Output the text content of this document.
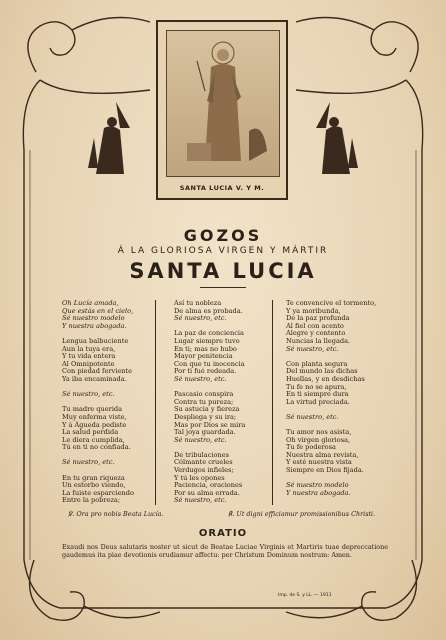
SANTA LUCIA V. Y M.
GOZOS
Á LA GLORIOSA VIRGEN Y MÁRTIR
SANTA LUCIA
Oh Lucía amada,
Que estás en el cielo,
Sé nuestro modelo
Y nuestra abogada.

Lengua balbuciente
Aun la tuya era,
Y tu vida entera
Al Omnipotente
Con piedad ferviente
Ya iba encaminada.

Sé nuestro, etc.

Tu madre querida
Muy enferma viste,
Y á Águeda pediste
La salud perdida
Le diera cumplida,
Tú en ti no confiada.

Sé nuestro, etc.

En tu gran riqueza
Un estorbo viendo,
La fuiste esparciendo
Entre la pobreza;
Así tu nobleza
De alma es probada.
Sé nuestro, etc.

La paz de conciencia
Lugar siempre tuvo
En ti; mas no hubo
Mayor penitencia
Con que tu inocencia
Por ti fué redeada.
Sé nuestro, etc.

Pascasio conspira
Contra tu pureza;
Su astucia y fiereza
Despliega y su ira;
Mas por Dios se mira
Tal joya guardada.
Sé nuestro, etc.

De tribulaciones
Cólmante crueles
Verdugos infieles;
Y tú les opones
Paciencia, oraciones
Por su alma errada.
Sé nuestro, etc.
Te convencive el tormento,
Y ya moribunda,
De la paz profunda
Al fiel con acento
Alegre y contento
Nuncias la llegada.
Sé nuestro, etc.

Con planta segura
Del mundo las dichas
Huellas, y en desdichas
Tu fe no se apura,
En ti siempre dura
La virtud preciada.

Sé nuestro, etc.

Tu amor nos asista,
Oh virgen gloriosa,
Tu fe poderosa
Nuestra alma revista,
Y esté nuestra vista
Siempre en Dios fijada.

Sé nuestro modelo
Y nuestra abogada.
℣. Ora pro nobis Beata Lucía.	℟. Ut digni efficiamur promissionibus Christi.
ORATIO
Exaudi nos Deus salutaris noster ut sicut de Beatae Luciae Virginis et Martiris tuae depreccatione gaudemus ita piae devotionis erudiamur affectu: per Christum Dominum nostrum: Amen.
Imp. de S. y LL. — 1911
